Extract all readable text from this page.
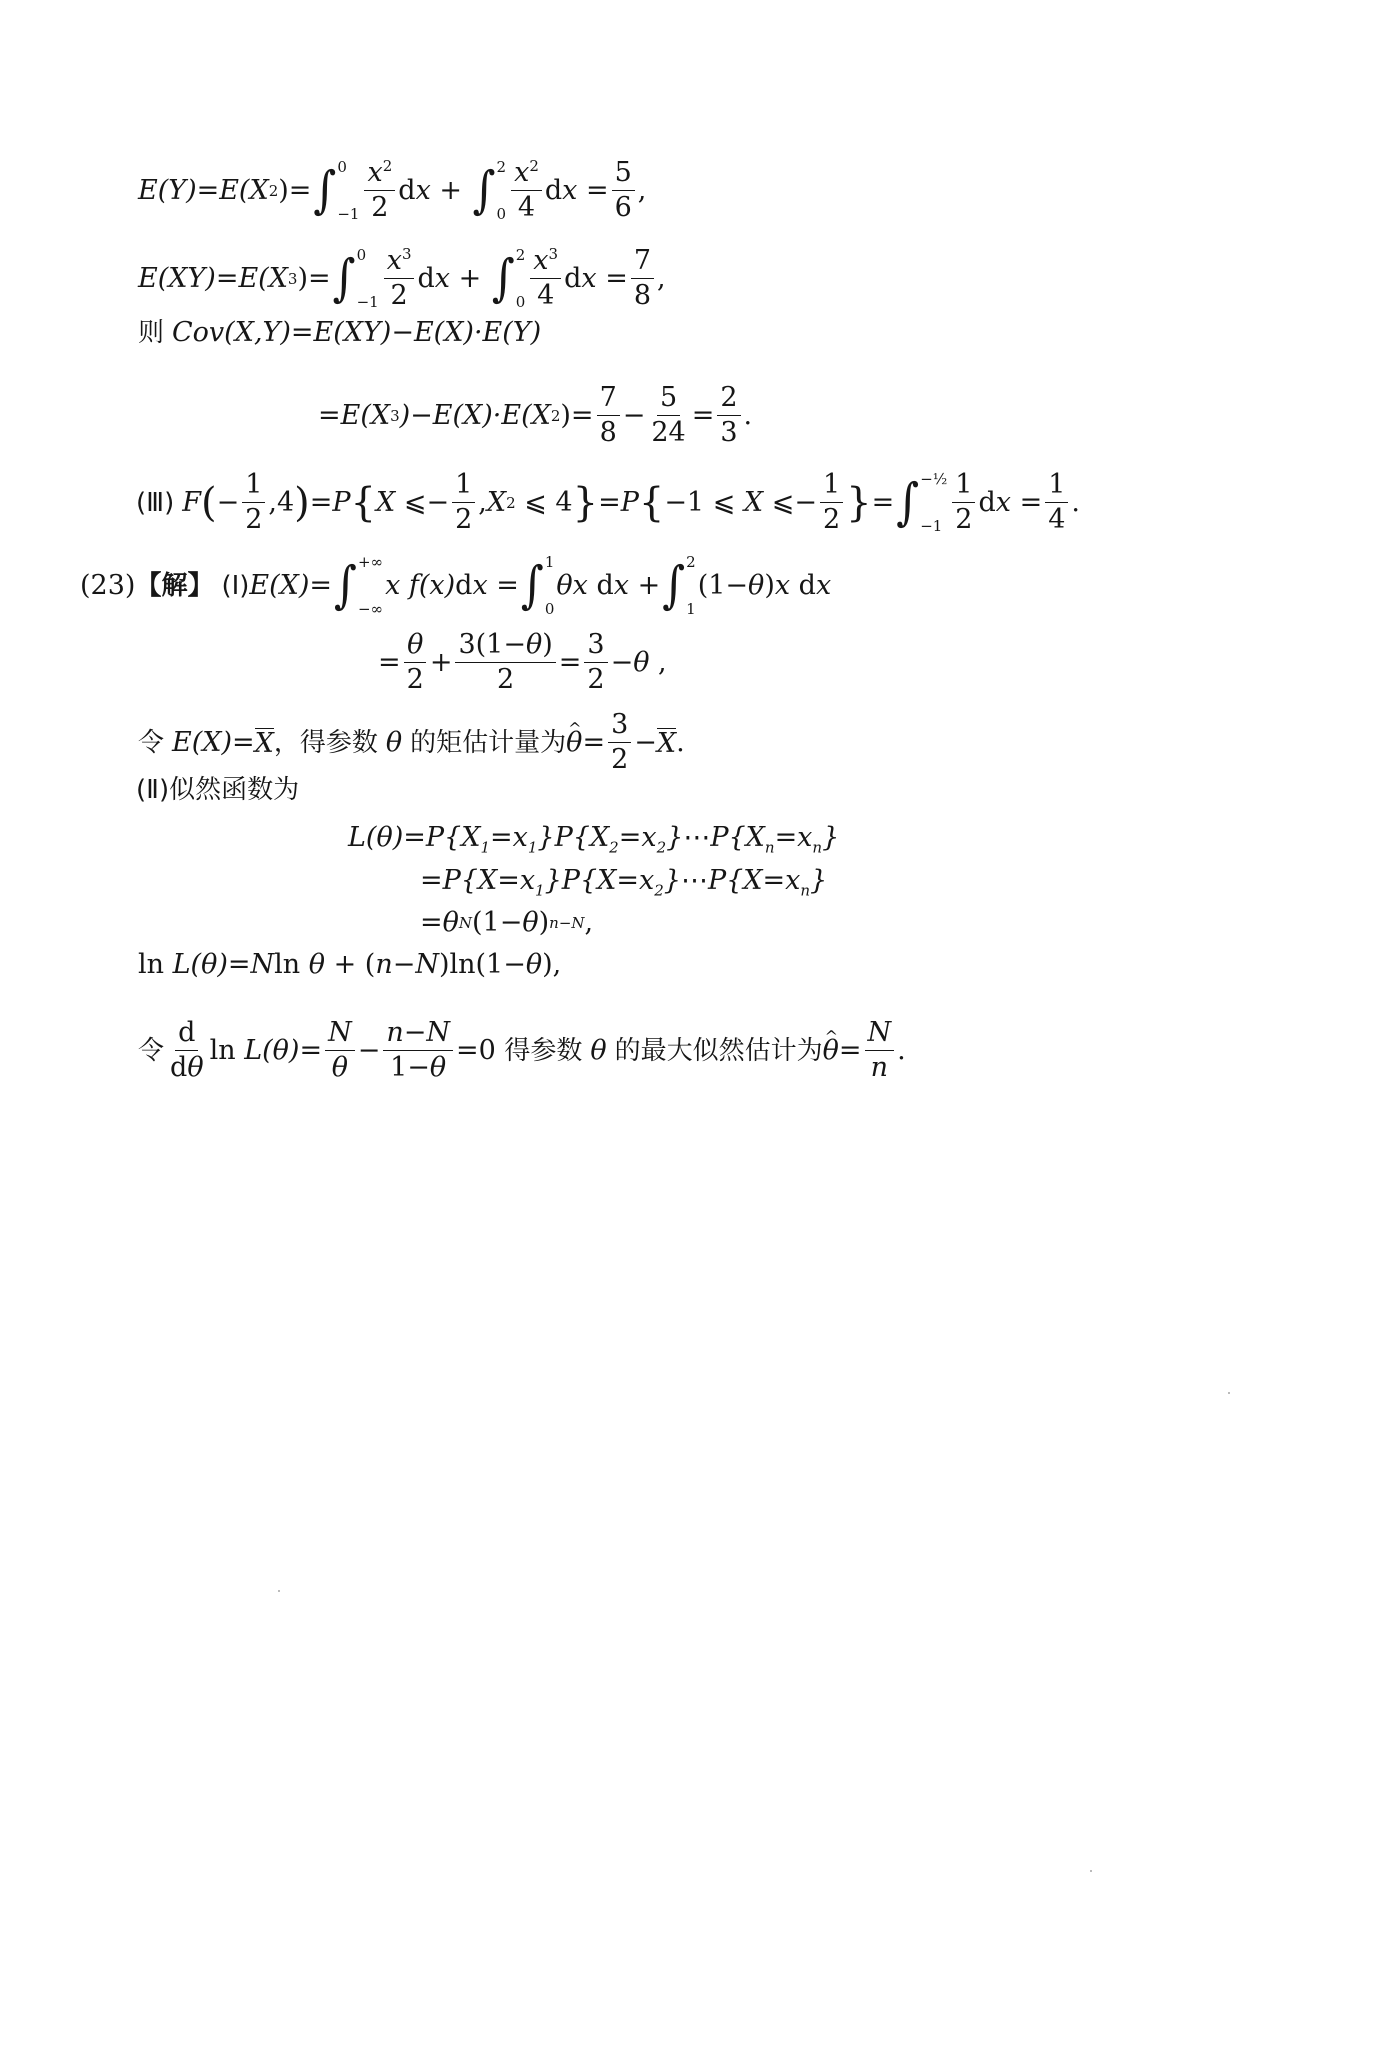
E(Y)=E(X 2 )= ∫ 0
$-1 \frac{x^2}{2}$ dx + ∫ 2
$0 \frac{x^2}{4}$ dx = $\frac{5}{6}$ ,
E(XY)=E(X 3 )= ∫ 0
$-1 \frac{x^3}{2}$ dx + ∫ 2
$0 \frac{x^3}{4}$ dx = $\frac{7}{8}$ ,
则 Cov(X,Y)=E(XY)−E(X)·E(Y)
=E(X 3 )−E(X)·E(X 2 )= $\frac{7}{8} - \frac{5}{24} = \frac{2}{3}$ .
(Ⅲ) F ( − $\frac{1}{2} ,4$ ) = P { X ⩽− $\frac{1}{2}$ , X 2 ⩽ 4 } = P { −1 ⩽ X ⩽− $\frac{1}{2}$ } = ∫ −½
$-1 \frac{1}{2}$ dx = $\frac{1}{4}$ .
(23) 【解】 (Ⅰ) E(X) = ∫ +∞
−∞
x f(x) dx = ∫ 1
0
θx dx + ∫ 2
1
(1−θ)x dx
= $\frac{\theta}{2} + \frac{3(1-\theta)}{2} = \frac{3}{2} -\theta$ ,
令 E(X) = X ，得参数 θ 的矩估计量为 ^ $\theta = \frac{3}{2} - X$ .
(Ⅱ) 似然函数为
$L(\theta) = P\{X_1=x_1\}P\{X_2=x_2\}$ ⋯ $P\{X_n=x_n\}$
= $P\{X=x_1\}P\{X=x_2\}$ ⋯ $P\{X=x_n\}$
= θ N (1−θ) n−N ,
ln L(θ)=Nln θ + (n−N)ln(1−θ),
令 $\frac{d}{d\theta}$ $\ln L(\theta)= \frac{N}{\theta} - \frac{n-N}{1-\theta} =0$ 得参数 θ 的最大似然估计为 ^ $\theta = \frac{N}{n}$ .
